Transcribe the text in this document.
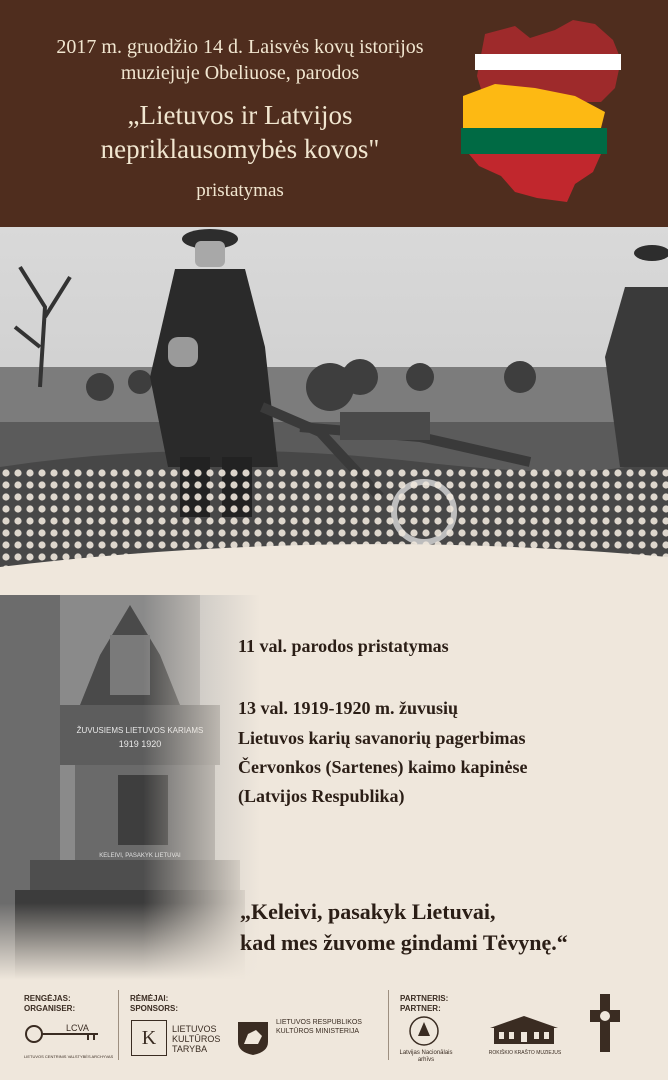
2017 m. gruodžio 14 d. Laisvės kovų istorijos
muziejuje Obeliuose, parodos
„Lietuvos ir Latvijos
nepriklausomybės kovos"
pristatymas
11 val. parodos pristatymas
13 val. 1919-1920 m. žuvusių
Lietuvos karių savanorių pagerbimas
Červonkos (Sartenes) kaimo kapinėse
(Latvijos Respublika)
„Keleivi, pasakyk Lietuvai,
kad mes žuvome gindami Tėvynę.“
RENGĖJAS:
ORGANISER:
LCVA
LIETUVOS CENTRINIS VALSTYBĖS ARCHYVAS
RĖMĖJAI:
SPONSORS:
K	LIETUVOS
KULTŪROS
TARYBA
LIETUVOS RESPUBLIKOS
KULTŪROS MINISTERIJA
PARTNERIS:
PARTNER:
Latvijas Nacionālais
arhīvs
ROKIŠKIO KRAŠTO MUZIEJUS
